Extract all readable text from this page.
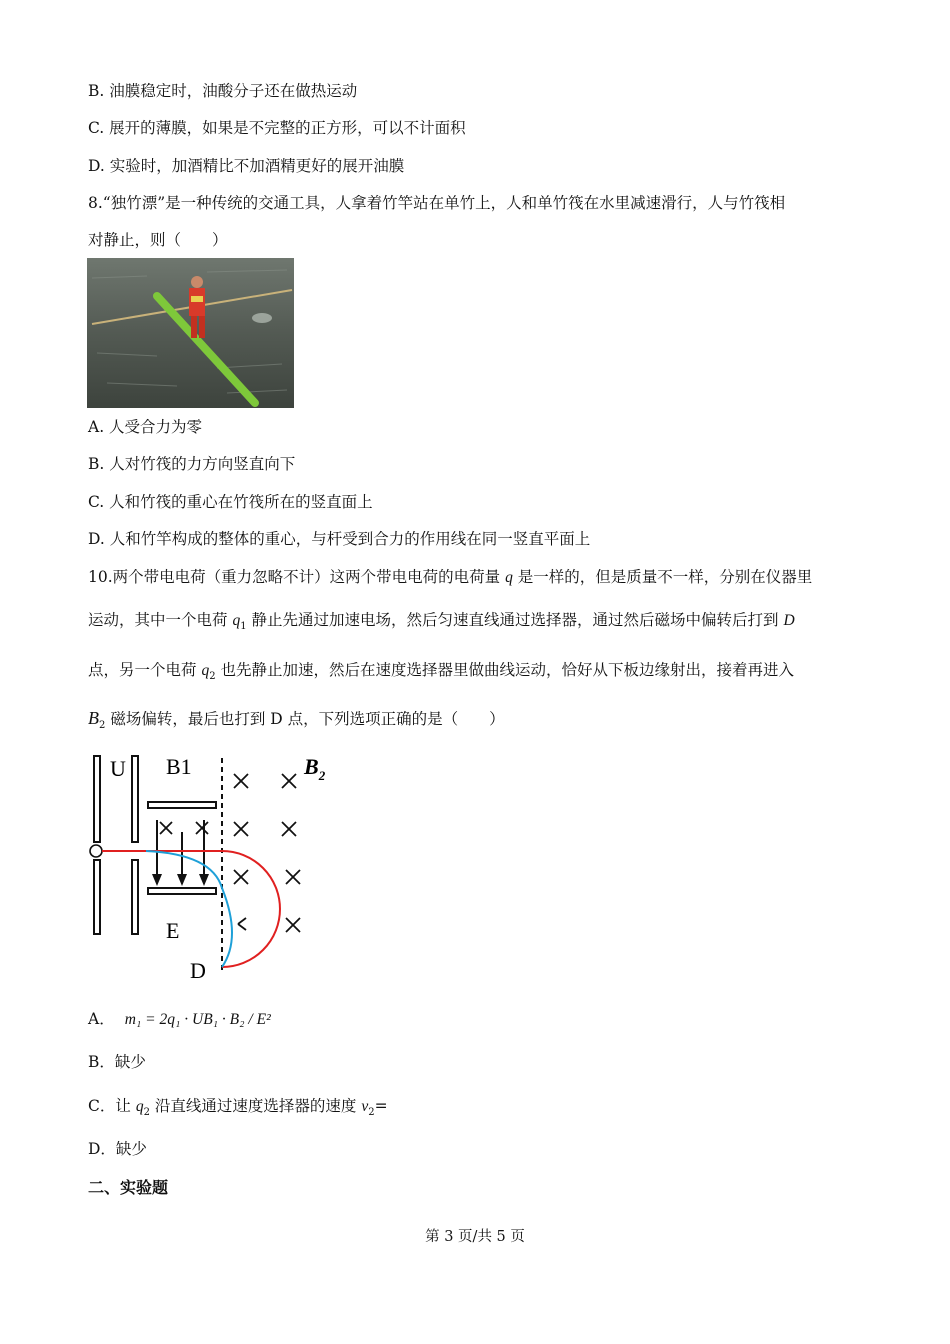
B. 油膜稳定时，油酸分子还在做热运动
C. 展开的薄膜，如果是不完整的正方形，可以不计面积
D. 实验时，加酒精比不加酒精更好的展开油膜
8.“独竹漂”是一种传统的交通工具，人拿着竹竿站在单竹上，人和单竹筏在水里减速滑行，人与竹筏相
对静止，则（　　）
A. 人受合力为零
B. 人对竹筏的力方向竖直向下
C. 人和竹筏的重心在竹筏所在的竖直面上
D. 人和竹竿构成的整体的重心，与杆受到合力的作用线在同一竖直平面上
10.两个带电电荷（重力忽略不计）这两个带电电荷的电荷量 q 是一样的，但是质量不一样，分别在仪器里
运动，其中一个电荷 $q_1$ 静止先通过加速电场，然后匀速直线通过选择器，通过然后磁场中偏转后打到 D
点，另一个电荷 $q_2$ 也先静止加速，然后在速度选择器里做曲线运动，恰好从下板边缘射出，接着再进入
$B_2$ 磁场偏转，最后也打到 D 点，下列选项正确的是（　　）
U B1	$B_2$
E
D
A． m₁ = 2q₁ · UB₁ · B₂ / E²
B．缺少
C．让 $q_2$ 沿直线通过速度选择器的速度 $v_2=$
D．缺少
二、实验题
第 3 页/共 5 页
